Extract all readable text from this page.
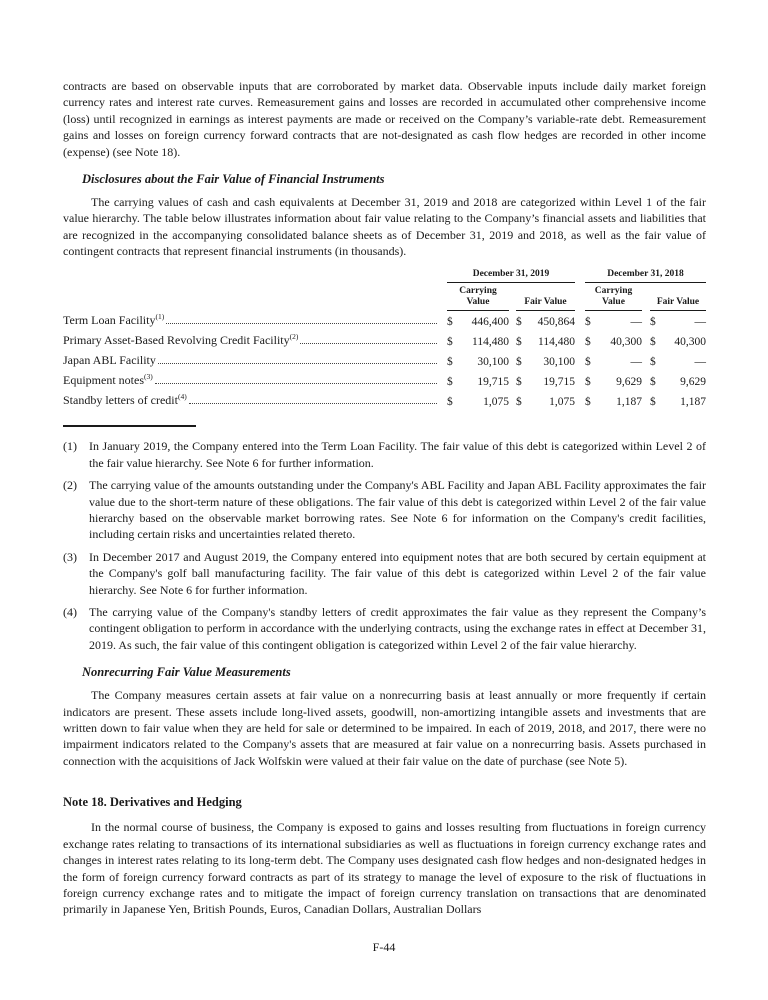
contracts are based on observable inputs that are corroborated by market data. Observable inputs include daily market foreign currency rates and interest rate curves. Remeasurement gains and losses are recorded in accumulated other comprehensive income (loss) until recognized in earnings as interest payments are made or received on the Company’s variable-rate debt. Remeasurement gains and losses on foreign currency forward contracts that are not-designated as cash flow hedges are recorded in other income (expense) (see Note 18).

Disclosures about the Fair Value of Financial Instruments

The carrying values of cash and cash equivalents at December 31, 2019 and 2018 are categorized within Level 1 of the fair value hierarchy. The table below illustrates information about fair value relating to the Company’s financial assets and liabilities that are recognized in the accompanying consolidated balance sheets as of December 31, 2019 and 2018, as well as the fair value of contingent contracts that represent financial instruments (in thousands).

		December 31, 2019				December 31, 2018		
		Carrying Value		Fair Value		Carrying Value		Fair Value

Term Loan Facility$^{(1)}$		$ 446,400		$ 450,864		$ —		$ —

Primary Asset-Based Revolving Credit Facility$^{(2)}$		$ 114,480		$ 114,480		$ 40,300		$ 40,300

Japan ABL Facility		$ 30,100		$ 30,100		$ —		$ —

Equipment notes$^{(3)}$		$ 19,715		$ 19,715		$ 9,629		$ 9,629

Standby letters of credit$^{(4)}$		$ 1,075		$ 1,075		$ 1,187		$ 1,187
(1)	In January 2019, the Company entered into the Term Loan Facility. The fair value of this debt is categorized within Level 2 of the fair value hierarchy. See Note 6 for further information.
(2)	The carrying value of the amounts outstanding under the Company's ABL Facility and Japan ABL Facility approximates the fair value due to the short-term nature of these obligations. The fair value of this debt is categorized within Level 2 of the fair value hierarchy based on the observable market borrowing rates. See Note 6 for information on the Company's credit facilities, including certain risks and uncertainties related thereto.
(3)	In December 2017 and August 2019, the Company entered into equipment notes that are both secured by certain equipment at the Company's golf ball manufacturing facility. The fair value of this debt is categorized within Level 2 of the fair value hierarchy. See Note 6 for further information.
(4)	The carrying value of the Company's standby letters of credit approximates the fair value as they represent the Company’s contingent obligation to perform in accordance with the underlying contracts, using the exchange rates in effect at December 31, 2019. As such, the fair value of this contingent obligation is categorized within Level 2 of the fair value hierarchy.
Nonrecurring Fair Value Measurements

The Company measures certain assets at fair value on a nonrecurring basis at least annually or more frequently if certain indicators are present. These assets include long-lived assets, goodwill, non-amortizing intangible assets and investments that are written down to fair value when they are held for sale or determined to be impaired. In each of 2019, 2018, and 2017, there were no impairment indicators related to the Company's assets that are measured at fair value on a nonrecurring basis. Assets purchased in connection with the acquisitions of Jack Wolfskin were valued at their fair value on the date of purchase (see Note 5).

Note 18. Derivatives and Hedging

In the normal course of business, the Company is exposed to gains and losses resulting from fluctuations in foreign currency exchange rates relating to transactions of its international subsidiaries as well as fluctuations in foreign currency exchange rates and changes in interest rates relating to its long-term debt. The Company uses designated cash flow hedges and non-designated hedges in the form of foreign currency forward contracts as part of its strategy to manage the level of exposure to the risk of fluctuations in foreign currency exchange rates and to mitigate the impact of foreign currency translation on transactions that are denominated primarily in Japanese Yen, British Pounds, Euros, Canadian Dollars, Australian Dollars

F-44
